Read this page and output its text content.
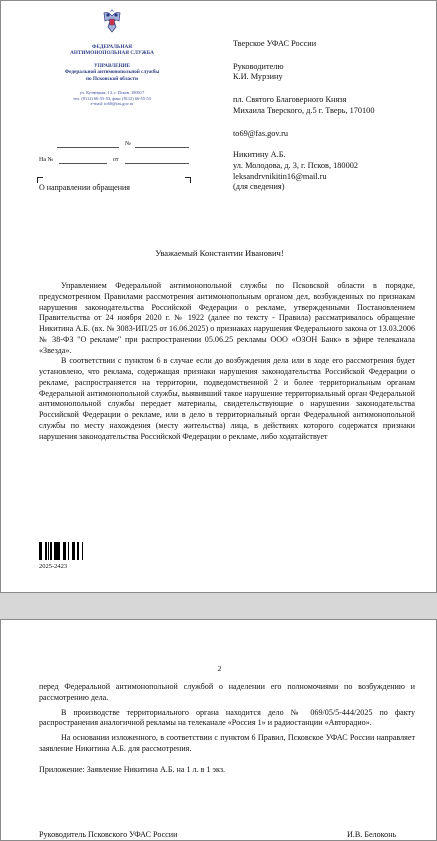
ФЕДЕРАЛЬНАЯ
АНТИМОНОПОЛЬНАЯ СЛУЖБА
УПРАВЛЕНИЕ
Федеральной антимонопольной службы
по Псковской области
ул. Кузнецкая, 13, г. Псков, 180017
тел. (8112) 66-55-53, факс (8112) 66-55-53
e-mail: to60@fas.gov.ru
№
На №	от
О направлении обращения
Тверское УФАС России
Руководителю
К.И. Мурзину
пл. Святого Благоверного Князя
Михаила Тверского, д.5 г. Тверь, 170100
to69@fas.gov.ru
Никитину А.Б.
ул. Молодова, д. 3, г. Псков, 180002
leksandrvnikitin16@mail.ru
(для сведения)
Уважаемый Константин Иванович!

Управлением Федеральной антимонопольной службы по Псковской области в порядке, предусмотренном Правилами рассмотрения антимонопольным органом дел, возбужденных по признакам нарушения законодательства Российской Федерации о рекламе, утвержденными Постановлением Правительства от 24 ноября 2020 г. № 1922 (далее по тексту - Правила) рассматривалось обращение Никитина А.Б. (вх. № 3083-ИП/25 от 16.06.2025) о признаках нарушения Федерального закона от 13.03.2006 № 38-ФЗ "О рекламе" при распространении 05.06.25 рекламы ООО «ОЗОН Банк» в эфире телеканала «Звезда».

В соответствии с пунктом 6 в случае если до возбуждения дела или в ходе его рассмотрения будет установлено, что реклама, содержащая признаки нарушения законодательства Российской Федерации о рекламе, распространяется на территории, подведомственной 2 и более территориальным органам Федеральной антимонопольной службы, выявивший такое нарушение территориальный орган Федеральной антимонопольной службы передает материалы, свидетельствующие о нарушении законодательства Российской Федерации о рекламе, или в дело в территориальный орган Федеральной антимонопольной службы по месту нахождения (месту жительства) лица, в действиях которого содержатся признаки нарушения законодательства Российской Федерации о рекламе, либо ходатайствует

2025-2423
2

перед Федеральной антимонопольной службой о наделении его полномочиями по возбуждению и рассмотрению дела.

В производстве территориального органа находится дело № 069/05/5-444/2025 по факту распространения аналогичной рекламы на телеканале «Россия 1» и радиостанции «Авторадио».

На основании изложенного, в соответствии с пунктом 6 Правил, Псковское УФАС России направляет заявление Никитина А.Б. для рассмотрения.

Приложение: Заявление Никитина А.Б. на 1 л. в 1 экз.

Руководитель Псковского УФАС России	И.В. Белоконь
